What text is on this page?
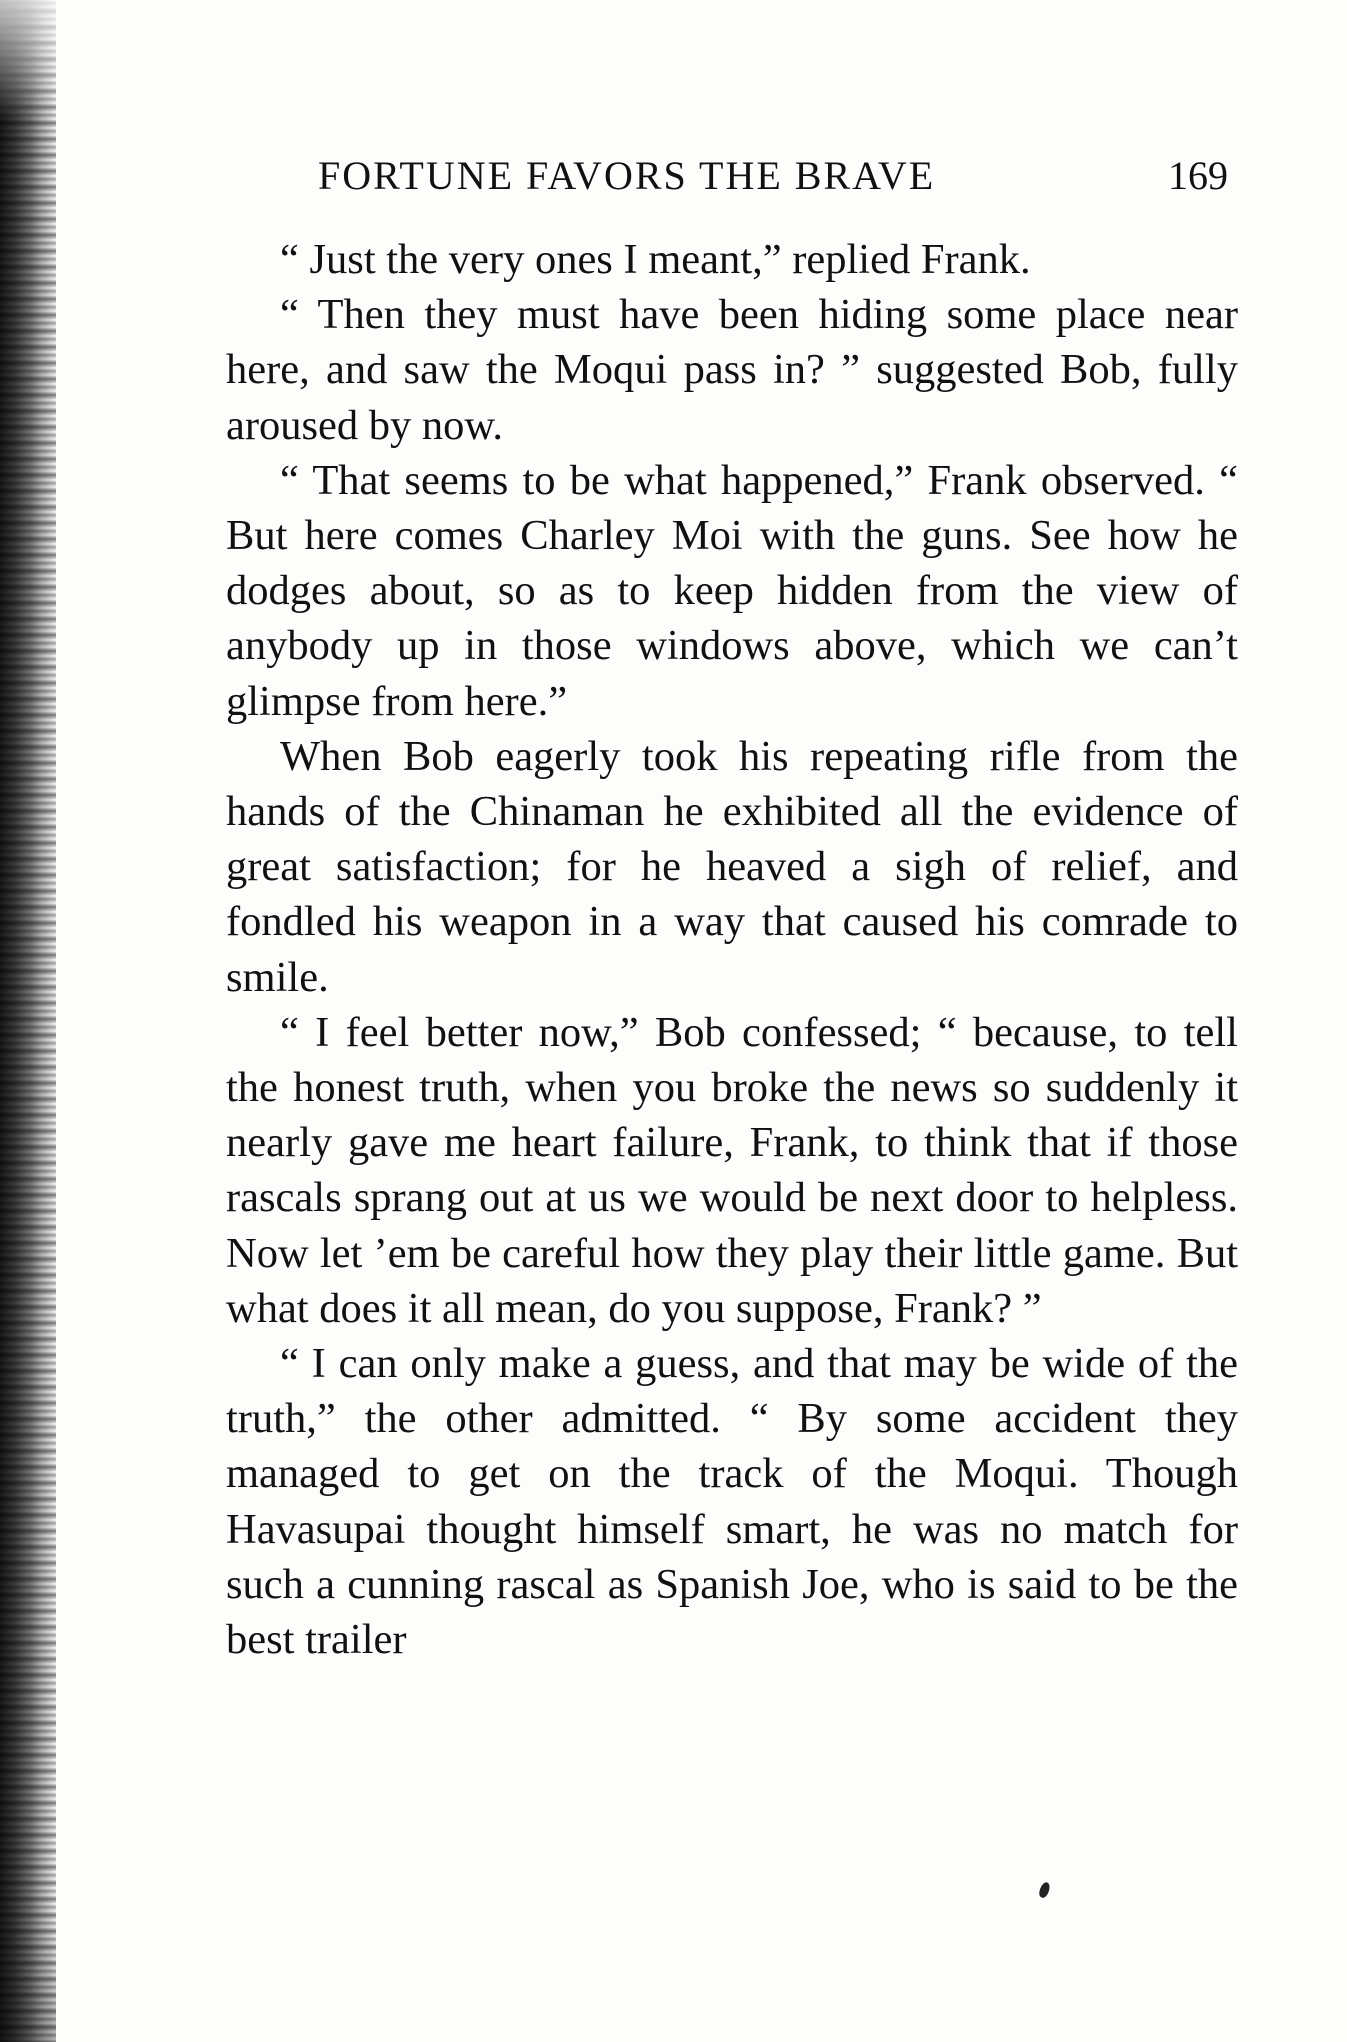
FORTUNE FAVORS THE BRAVE	169

“ Just the very ones I meant,” replied Frank.

“ Then they must have been hiding some place near here, and saw the Moqui pass in? ” suggested Bob, fully aroused by now.

“ That seems to be what happened,” Frank observed. “ But here comes Charley Moi with the guns. See how he dodges about, so as to keep hidden from the view of anybody up in those windows above, which we can’t glimpse from here.”

When Bob eagerly took his repeating rifle from the hands of the Chinaman he exhibited all the evidence of great satisfaction; for he heaved a sigh of relief, and fondled his weapon in a way that caused his comrade to smile.

“ I feel better now,” Bob confessed; “ because, to tell the honest truth, when you broke the news so suddenly it nearly gave me heart failure, Frank, to think that if those rascals sprang out at us we would be next door to helpless. Now let ’em be careful how they play their little game. But what does it all mean, do you suppose, Frank? ”

“ I can only make a guess, and that may be wide of the truth,” the other admitted. “ By some accident they managed to get on the track of the Moqui. Though Havasupai thought himself smart, he was no match for such a cunning rascal as Spanish Joe, who is said to be the best trailer
